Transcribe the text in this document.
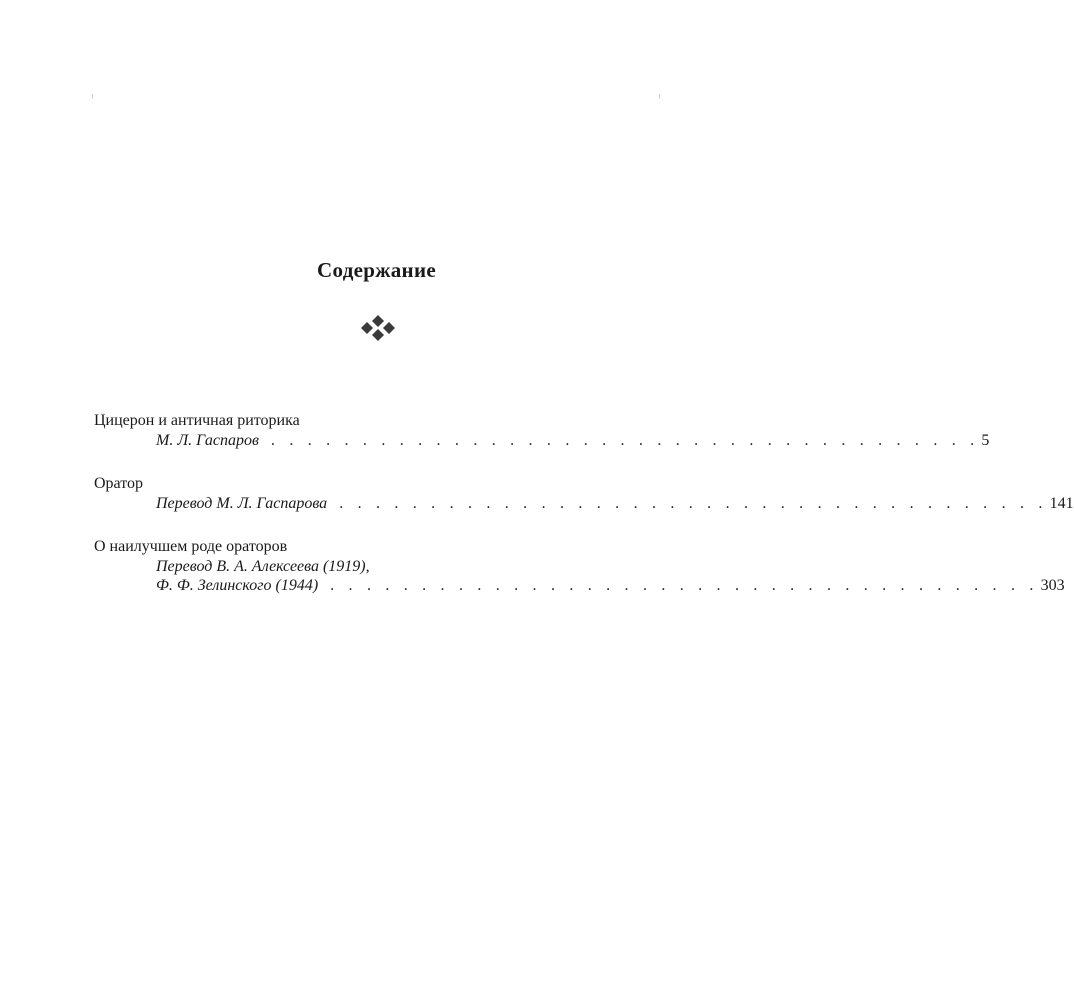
Содержание
Цицерон и античная риторика
М. Л. Гаспаров . . . . . . . . . . . . . . . . . . . . . . . . . . . . . . . . . . . . . . . 5
Оратор
Перевод М. Л. Гаспарова . . . . . . . . . . . . . . . . . . . . . . . . . . . . . . . . . . . . . . . 141
О наилучшем роде ораторов
Перевод В. А. Алексеева (1919),
Ф. Ф. Зелинского (1944) . . . . . . . . . . . . . . . . . . . . . . . . . . . . . . . . . . . . . . . 303
